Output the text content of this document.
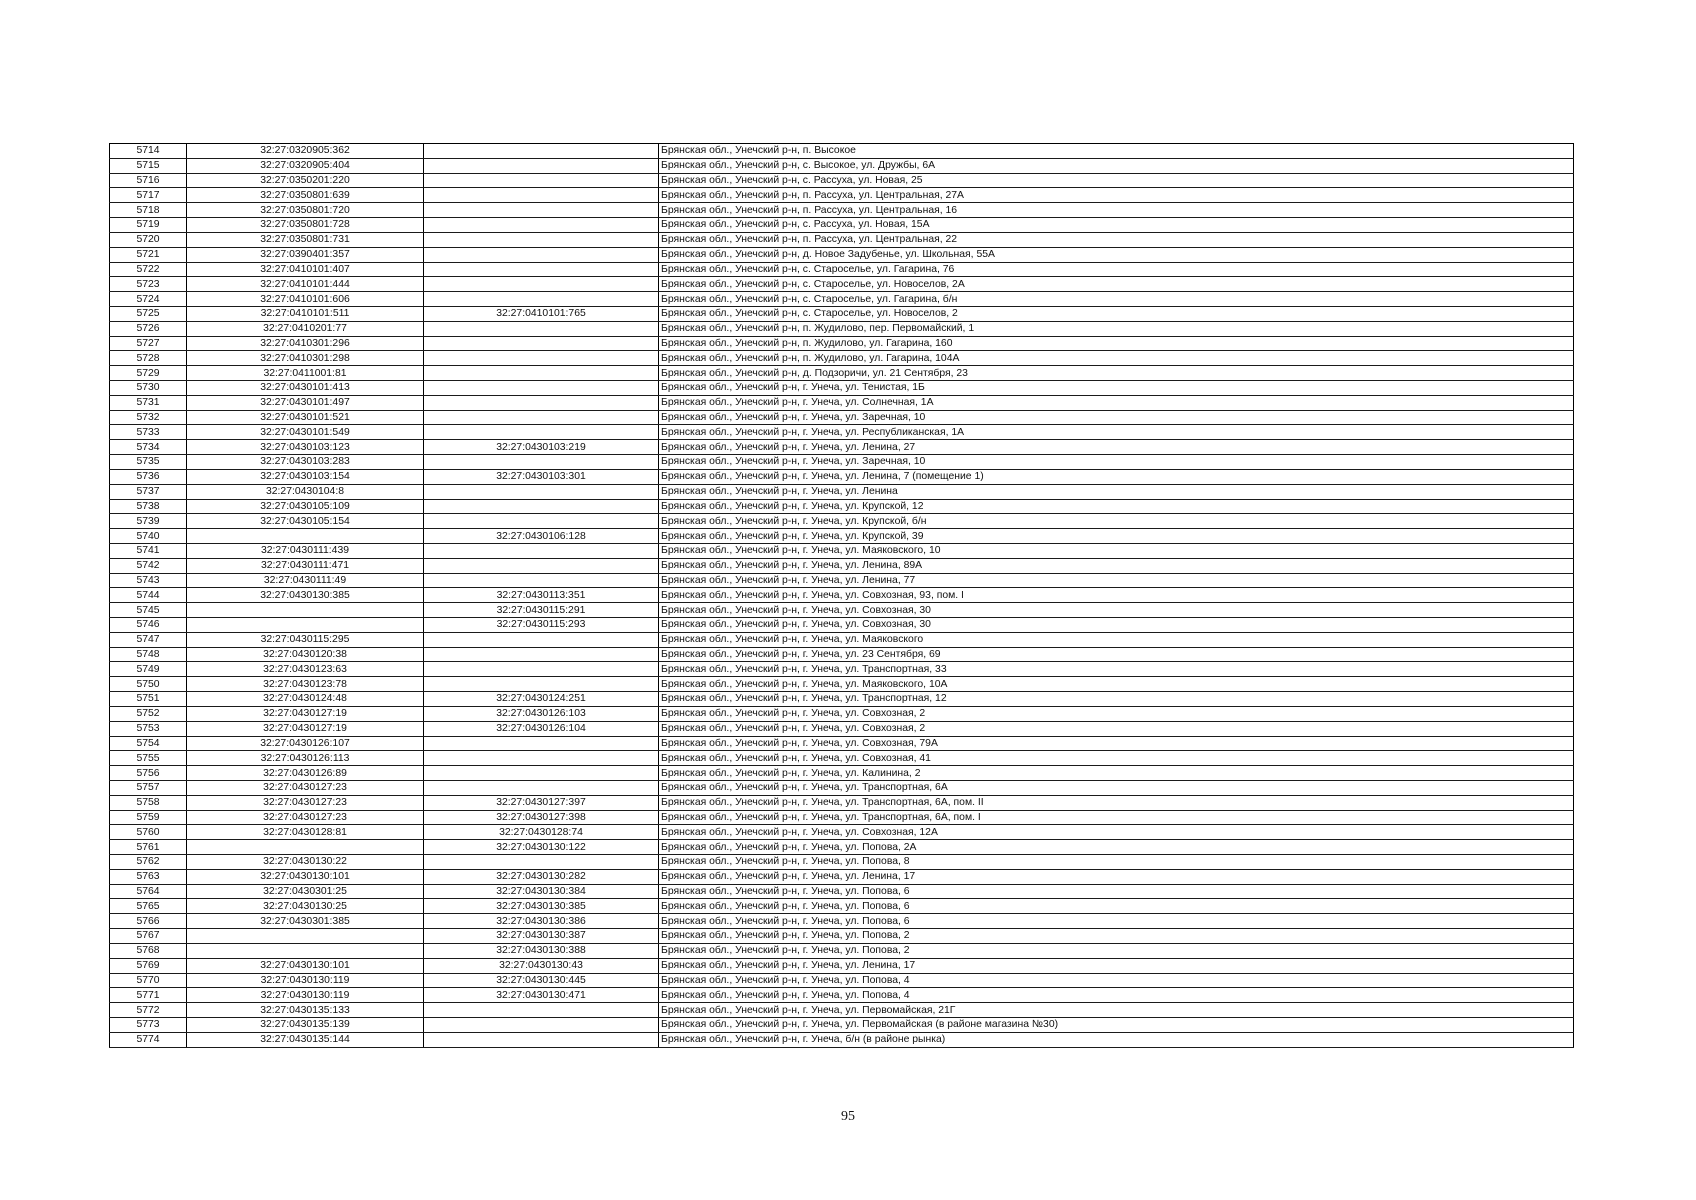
5714	32:27:0320905:362		Брянская обл., Унечский р-н, п. Высокое
5715	32:27:0320905:404		Брянская обл., Унечский р-н, с. Высокое, ул. Дружбы, 6А
5716	32:27:0350201:220		Брянская обл., Унечский р-н, с. Рассуха, ул. Новая, 25
5717	32:27:0350801:639		Брянская обл., Унечский р-н, п. Рассуха, ул. Центральная, 27А
5718	32:27:0350801:720		Брянская обл., Унечский р-н, п. Рассуха, ул. Центральная, 16
5719	32:27:0350801:728		Брянская обл., Унечский р-н, с. Рассуха, ул. Новая, 15А
5720	32:27:0350801:731		Брянская обл., Унечский р-н, п. Рассуха, ул. Центральная, 22
5721	32:27:0390401:357		Брянская обл., Унечский р-н, д. Новое Задубенье, ул. Школьная, 55А
5722	32:27:0410101:407		Брянская обл., Унечский р-н, с. Старосельe, ул. Гагарина, 76
5723	32:27:0410101:444		Брянская обл., Унечский р-н, с. Старосельe, ул. Новоселов, 2А
5724	32:27:0410101:606		Брянская обл., Унечский р-н, с. Старосельe, ул. Гагарина, б/н
5725	32:27:0410101:511	32:27:0410101:765	Брянская обл., Унечский р-н, с. Старосельe, ул. Новоселов, 2
5726	32:27:0410201:77		Брянская обл., Унечский р-н, п. Жудилово, пер. Первомайский, 1
5727	32:27:0410301:296		Брянская обл., Унечский р-н, п. Жудилово, ул. Гагарина, 160
5728	32:27:0410301:298		Брянская обл., Унечский р-н, п. Жудилово, ул. Гагарина, 104А
5729	32:27:0411001:81		Брянская обл., Унечский р-н, д. Подзоричи, ул. 21 Сентября, 23
5730	32:27:0430101:413		Брянская обл., Унечский р-н, г. Унеча, ул. Тенистая, 1Б
5731	32:27:0430101:497		Брянская обл., Унечский р-н, г. Унеча, ул. Солнечная, 1А
5732	32:27:0430101:521		Брянская обл., Унечский р-н, г. Унеча, ул. Заречная, 10
5733	32:27:0430101:549		Брянская обл., Унечский р-н, г. Унеча, ул. Республиканская, 1А
5734	32:27:0430103:123	32:27:0430103:219	Брянская обл., Унечский р-н, г. Унеча, ул. Ленина, 27
5735	32:27:0430103:283		Брянская обл., Унечский р-н, г. Унеча, ул. Заречная, 10
5736	32:27:0430103:154	32:27:0430103:301	Брянская обл., Унечский р-н, г. Унеча, ул. Ленина, 7 (помещение 1)
5737	32:27:0430104:8		Брянская обл., Унечский р-н, г. Унеча, ул. Ленина
5738	32:27:0430105:109		Брянская обл., Унечский р-н, г. Унеча, ул. Крупской, 12
5739	32:27:0430105:154		Брянская обл., Унечский р-н, г. Унеча, ул. Крупской, б/н
5740		32:27:0430106:128	Брянская обл., Унечский р-н, г. Унеча, ул. Крупской, 39
5741	32:27:0430111:439		Брянская обл., Унечский р-н, г. Унеча, ул. Маяковского, 10
5742	32:27:0430111:471		Брянская обл., Унечский р-н, г. Унеча, ул. Ленина, 89А
5743	32:27:0430111:49		Брянская обл., Унечский р-н, г. Унеча, ул. Ленина, 77
5744	32:27:0430130:385	32:27:0430113:351	Брянская обл., Унечский р-н, г. Унеча, ул. Совхозная, 93, пом. I
5745		32:27:0430115:291	Брянская обл., Унечский р-н, г. Унеча, ул. Совхозная, 30
5746		32:27:0430115:293	Брянская обл., Унечский р-н, г. Унеча, ул. Совхозная, 30
5747	32:27:0430115:295		Брянская обл., Унечский р-н, г. Унеча, ул. Маяковского
5748	32:27:0430120:38		Брянская обл., Унечский р-н, г. Унеча, ул. 23 Сентября, 69
5749	32:27:0430123:63		Брянская обл., Унечский р-н, г. Унеча, ул. Транспортная, 33
5750	32:27:0430123:78		Брянская обл., Унечский р-н, г. Унеча, ул. Маяковского, 10А
5751	32:27:0430124:48	32:27:0430124:251	Брянская обл., Унечский р-н, г. Унеча, ул. Транспортная, 12
5752	32:27:0430127:19	32:27:0430126:103	Брянская обл., Унечский р-н, г. Унеча, ул. Совхозная, 2
5753	32:27:0430127:19	32:27:0430126:104	Брянская обл., Унечский р-н, г. Унеча, ул. Совхозная, 2
5754	32:27:0430126:107		Брянская обл., Унечский р-н, г. Унеча, ул. Совхозная, 79А
5755	32:27:0430126:113		Брянская обл., Унечский р-н, г. Унеча, ул. Совхозная, 41
5756	32:27:0430126:89		Брянская обл., Унечский р-н, г. Унеча, ул. Калинина, 2
5757	32:27:0430127:23		Брянская обл., Унечский р-н, г. Унеча, ул. Транспортная, 6А
5758	32:27:0430127:23	32:27:0430127:397	Брянская обл., Унечский р-н, г. Унеча, ул. Транспортная, 6А, пом. II
5759	32:27:0430127:23	32:27:0430127:398	Брянская обл., Унечский р-н, г. Унеча, ул. Транспортная, 6А, пом. I
5760	32:27:0430128:81	32:27:0430128:74	Брянская обл., Унечский р-н, г. Унеча, ул. Совхозная, 12А
5761		32:27:0430130:122	Брянская обл., Унечский р-н, г. Унеча, ул. Попова, 2А
5762	32:27:0430130:22		Брянская обл., Унечский р-н, г. Унеча, ул. Попова, 8
5763	32:27:0430130:101	32:27:0430130:282	Брянская обл., Унечский р-н, г. Унеча, ул. Ленина, 17
5764	32:27:0430301:25	32:27:0430130:384	Брянская обл., Унечский р-н, г. Унеча, ул. Попова, 6
5765	32:27:0430130:25	32:27:0430130:385	Брянская обл., Унечский р-н, г. Унеча, ул. Попова, 6
5766	32:27:0430301:385	32:27:0430130:386	Брянская обл., Унечский р-н, г. Унеча, ул. Попова, 6
5767		32:27:0430130:387	Брянская обл., Унечский р-н, г. Унеча, ул. Попова, 2
5768		32:27:0430130:388	Брянская обл., Унечский р-н, г. Унеча, ул. Попова, 2
5769	32:27:0430130:101	32:27:0430130:43	Брянская обл., Унечский р-н, г. Унеча, ул. Ленина, 17
5770	32:27:0430130:119	32:27:0430130:445	Брянская обл., Унечский р-н, г. Унеча, ул. Попова, 4
5771	32:27:0430130:119	32:27:0430130:471	Брянская обл., Унечский р-н, г. Унеча, ул. Попова, 4
5772	32:27:0430135:133		Брянская обл., Унечский р-н, г. Унеча, ул. Первомайская, 21Г
5773	32:27:0430135:139		Брянская обл., Унечский р-н, г. Унеча, ул. Первомайская (в районе магазина №30)
5774	32:27:0430135:144		Брянская обл., Унечский р-н, г. Унеча, б/н (в районе рынка)
95
